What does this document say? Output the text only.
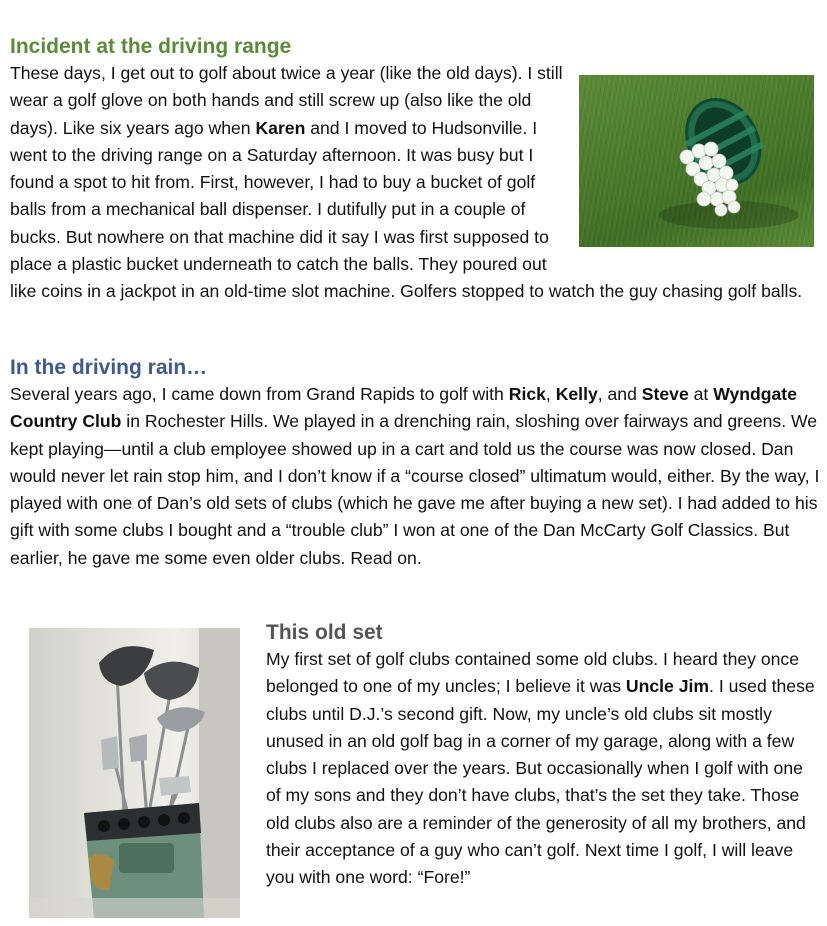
Incident at the driving range

These days, I get out to golf about twice a year (like the old days). I still wear a golf glove on both hands and still screw up (also like the old days). Like six years ago when Karen and I moved to Hudsonville. I went to the driving range on a Saturday afternoon. It was busy but I found a spot to hit from. First, however, I had to buy a bucket of golf balls from a mechanical ball dispenser. I dutifully put in a couple of bucks. But nowhere on that machine did it say I was first supposed to place a plastic bucket underneath to catch the balls. They poured out like coins in a jackpot in an old-time slot machine. Golfers stopped to watch the guy chasing golf balls.

In the driving rain…

Several years ago, I came down from Grand Rapids to golf with Rick, Kelly, and Steve at Wyndgate Country Club in Rochester Hills. We played in a drenching rain, sloshing over fairways and greens. We kept playing—until a club employee showed up in a cart and told us the course was now closed. Dan would never let rain stop him, and I don’t know if a “course closed” ultimatum would, either. By the way, I played with one of Dan’s old sets of clubs (which he gave me after buying a new set). I had added to his gift with some clubs I bought and a “trouble club” I won at one of the Dan McCarty Golf Classics. But earlier, he gave me some even older clubs. Read on.

This old set

My first set of golf clubs contained some old clubs. I heard they once belonged to one of my uncles; I believe it was Uncle Jim. I used these clubs until D.J.’s second gift. Now, my uncle’s old clubs sit mostly unused in an old golf bag in a corner of my garage, along with a few clubs I replaced over the years. But occasionally when I golf with one of my sons and they don’t have clubs, that’s the set they take. Those old clubs also are a reminder of the generosity of all my brothers, and their acceptance of a guy who can’t golf. Next time I golf, I will leave you with one word: “Fore!”
